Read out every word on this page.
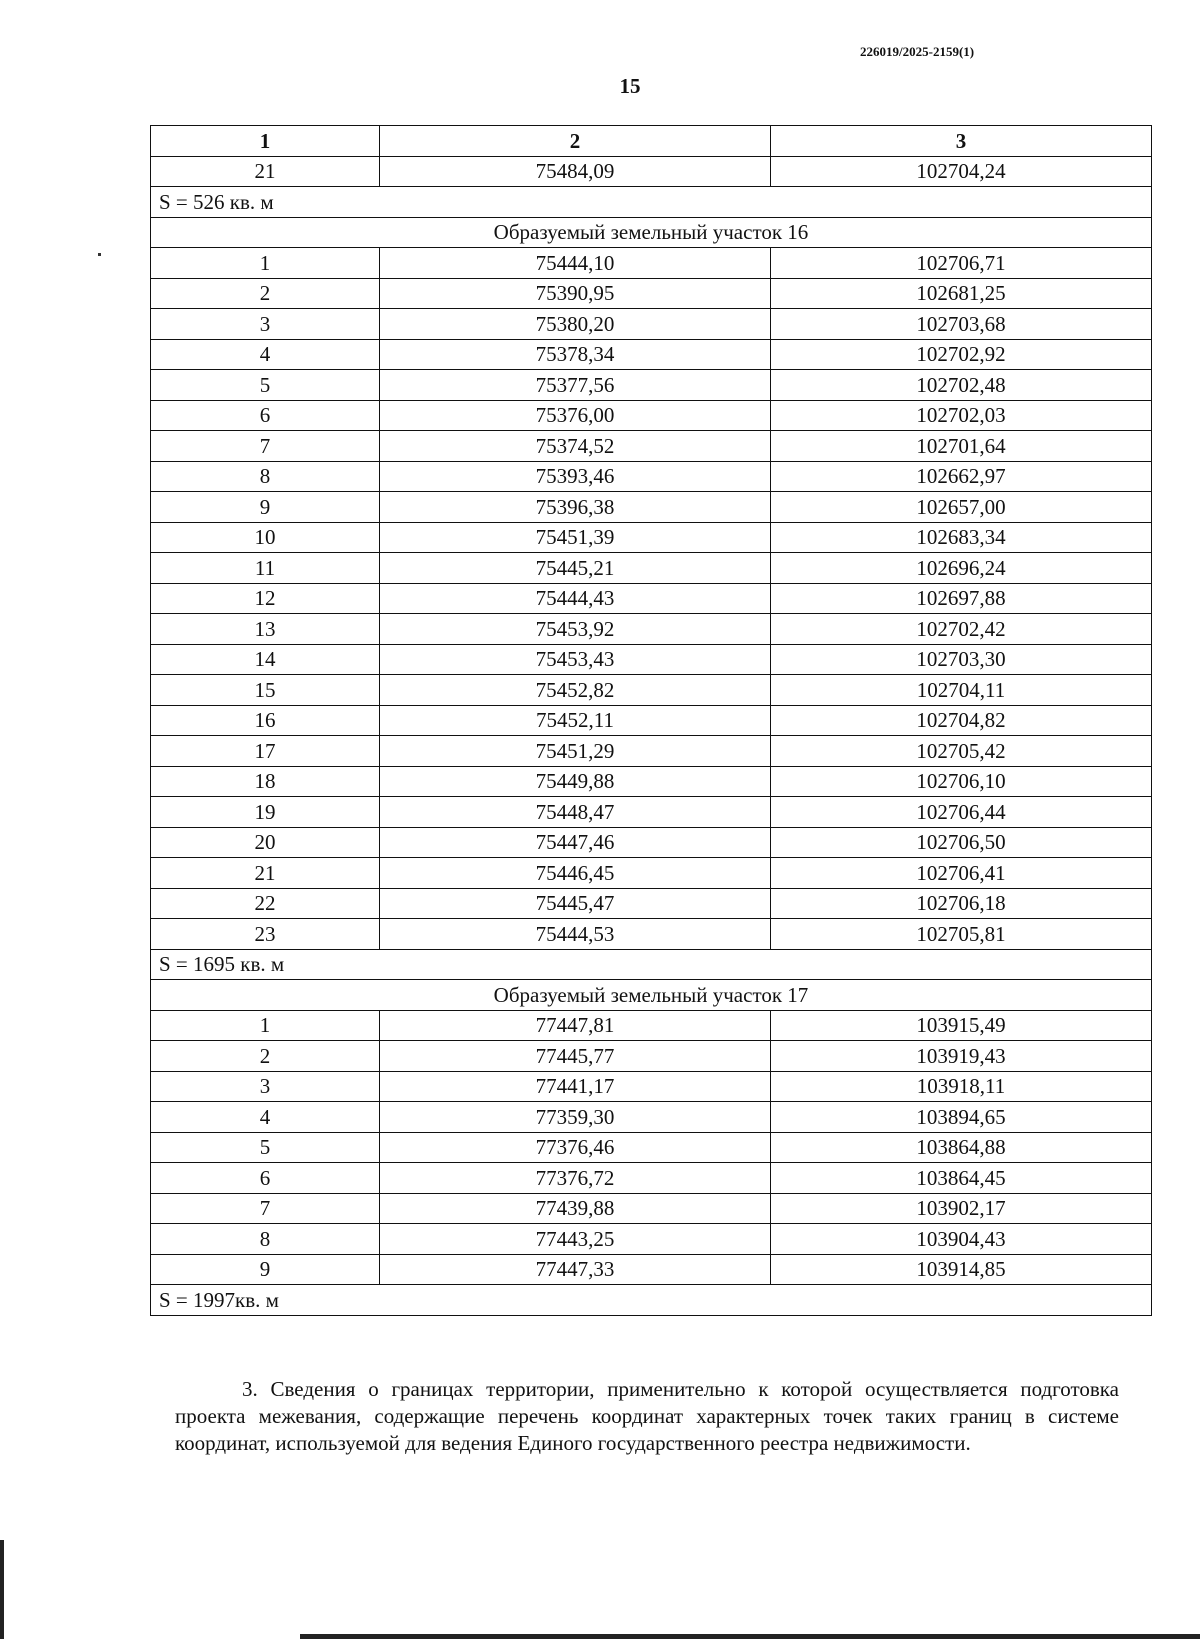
226019/2025-2159(1)
15
1	2	3
21	75484,09	102704,24
S = 526 кв. м		
Образуемый земельный участок 16		
1	75444,10	102706,71
2	75390,95	102681,25
3	75380,20	102703,68
4	75378,34	102702,92
5	75377,56	102702,48
6	75376,00	102702,03
7	75374,52	102701,64
8	75393,46	102662,97
9	75396,38	102657,00
10	75451,39	102683,34
11	75445,21	102696,24
12	75444,43	102697,88
13	75453,92	102702,42
14	75453,43	102703,30
15	75452,82	102704,11
16	75452,11	102704,82
17	75451,29	102705,42
18	75449,88	102706,10
19	75448,47	102706,44
20	75447,46	102706,50
21	75446,45	102706,41
22	75445,47	102706,18
23	75444,53	102705,81
S = 1695 кв. м		
Образуемый земельный участок 17		
1	77447,81	103915,49
2	77445,77	103919,43
3	77441,17	103918,11
4	77359,30	103894,65
5	77376,46	103864,88
6	77376,72	103864,45
7	77439,88	103902,17
8	77443,25	103904,43
9	77447,33	103914,85
S = 1997кв. м		

3. Сведения о границах территории, применительно к которой осуществляется подготовка проекта межевания, содержащие перечень координат характерных точек таких границ в системе координат, используемой для ведения Единого государственного реестра недвижимости.
